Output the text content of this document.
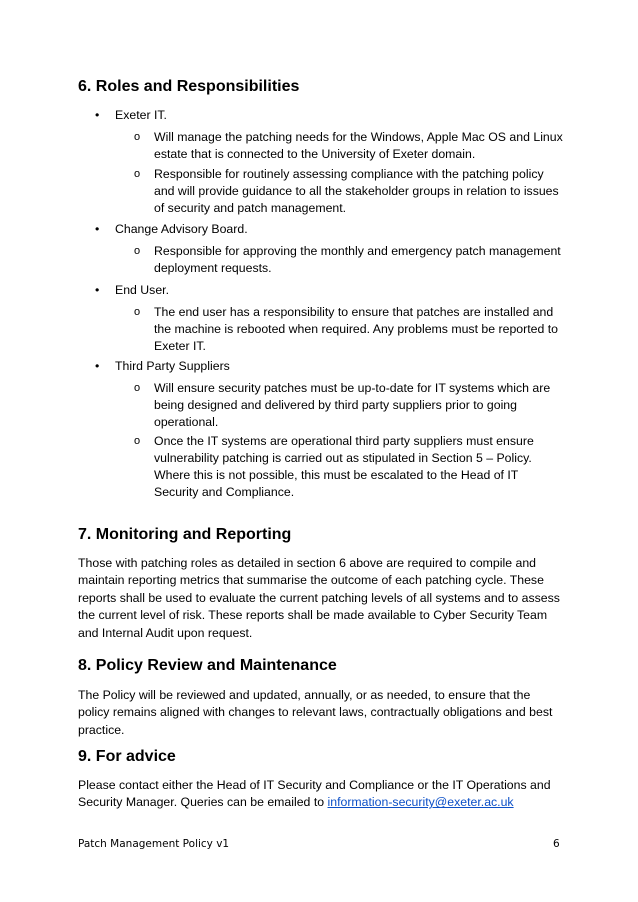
6. Roles and Responsibilities
•	Exeter IT.
o Will manage the patching needs for the Windows, Apple Mac OS and Linux estate that is connected to the University of Exeter domain.
o Responsible for routinely assessing compliance with the patching policy and will provide guidance to all the stakeholder groups in relation to issues of security and patch management.
•	Change Advisory Board.
o Responsible for approving the monthly and emergency patch management deployment requests.
•	End User.
o The end user has a responsibility to ensure that patches are installed and the machine is rebooted when required. Any problems must be reported to Exeter IT.
•	Third Party Suppliers
o Will ensure security patches must be up-to-date for IT systems which are being designed and delivered by third party suppliers prior to going operational.
o Once the IT systems are operational third party suppliers must ensure vulnerability patching is carried out as stipulated in Section 5 – Policy. Where this is not possible, this must be escalated to the Head of IT Security and Compliance.
7. Monitoring and Reporting

Those with patching roles as detailed in section 6 above are required to compile and maintain reporting metrics that summarise the outcome of each patching cycle. These reports shall be used to evaluate the current patching levels of all systems and to assess the current level of risk. These reports shall be made available to Cyber Security Team and Internal Audit upon request.

8. Policy Review and Maintenance

The Policy will be reviewed and updated, annually, or as needed, to ensure that the policy remains aligned with changes to relevant laws, contractually obligations and best practice.

9. For advice

Please contact either the Head of IT Security and Compliance or the IT Operations and Security Manager. Queries can be emailed to information-security@exeter.ac.uk

Patch Management Policy v1	6
